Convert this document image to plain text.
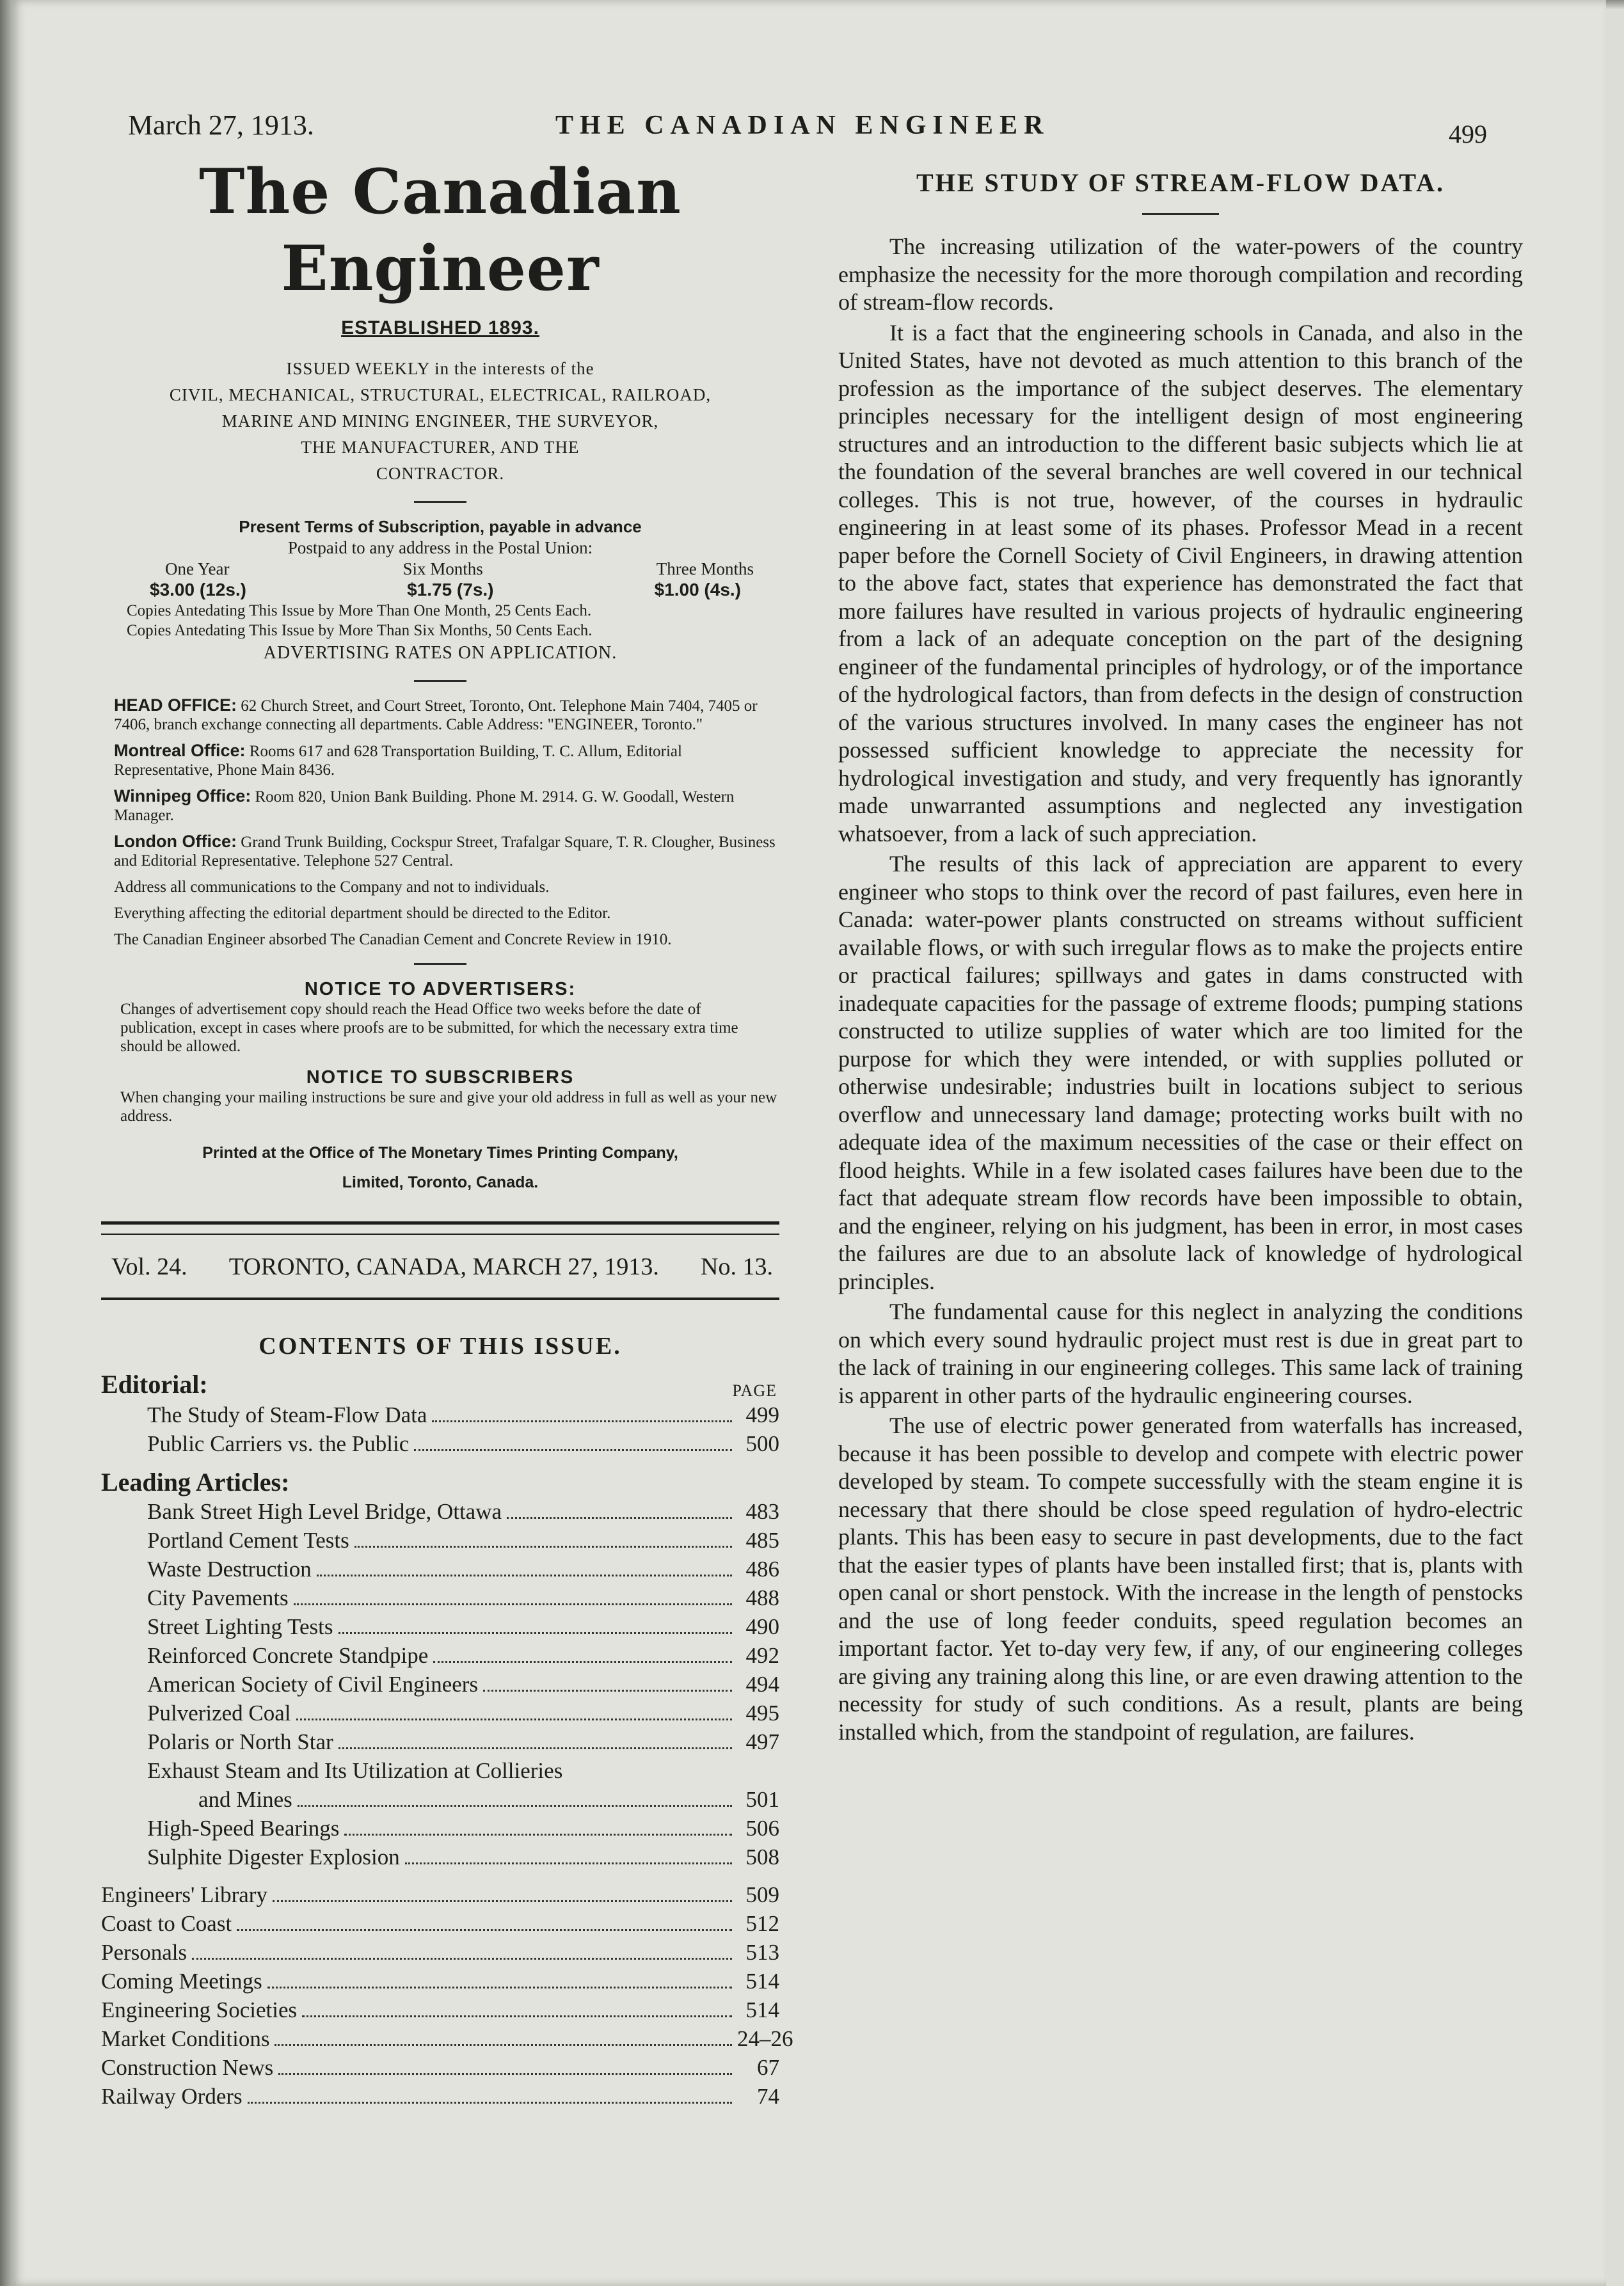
March 27, 1913.	THE CANADIAN ENGINEER	499
The Canadian Engineer
ESTABLISHED 1893.
ISSUED WEEKLY in the interests of the
CIVIL, MECHANICAL, STRUCTURAL, ELECTRICAL, RAILROAD,
MARINE AND MINING ENGINEER, THE SURVEYOR,
THE MANUFACTURER, AND THE
CONTRACTOR.
Present Terms of Subscription, payable in advance
Postpaid to any address in the Postal Union:
One Year	Six Months	Three Months
$3.00 (12s.)	$1.75 (7s.)	$1.00 (4s.)
Copies Antedating This Issue by More Than One Month, 25 Cents Each.
Copies Antedating This Issue by More Than Six Months, 50 Cents Each.
ADVERTISING RATES ON APPLICATION.
HEAD OFFICE: 62 Church Street, and Court Street, Toronto, Ont. Telephone Main 7404, 7405 or 7406, branch exchange connecting all departments. Cable Address: "ENGINEER, Toronto."
Montreal Office: Rooms 617 and 628 Transportation Building, T. C. Allum, Editorial Representative, Phone Main 8436.
Winnipeg Office: Room 820, Union Bank Building. Phone M. 2914. G. W. Goodall, Western Manager.
London Office: Grand Trunk Building, Cockspur Street, Trafalgar Square, T. R. Clougher, Business and Editorial Representative. Telephone 527 Central.
Address all communications to the Company and not to individuals.
Everything affecting the editorial department should be directed to the Editor.
The Canadian Engineer absorbed The Canadian Cement and Concrete Review in 1910.
NOTICE TO ADVERTISERS:
Changes of advertisement copy should reach the Head Office two weeks before the date of publication, except in cases where proofs are to be submitted, for which the necessary extra time should be allowed.
NOTICE TO SUBSCRIBERS
When changing your mailing instructions be sure and give your old address in full as well as your new address.
Printed at the Office of The Monetary Times Printing Company,
Limited, Toronto, Canada.
Vol. 24. TORONTO, CANADA, MARCH 27, 1913. No. 13.
CONTENTS OF THIS ISSUE.
Editorial:	PAGE
The Study of Steam-Flow Data	499
Public Carriers vs. the Public	500
Leading Articles:
Bank Street High Level Bridge, Ottawa	483
Portland Cement Tests	485
Waste Destruction	486
City Pavements	488
Street Lighting Tests	490
Reinforced Concrete Standpipe	492
American Society of Civil Engineers	494
Pulverized Coal	495
Polaris or North Star	497
Exhaust Steam and Its Utilization at Collieries
and Mines	501
High-Speed Bearings	506
Sulphite Digester Explosion	508
Engineers' Library	509
Coast to Coast	512
Personals	513
Coming Meetings	514
Engineering Societies	514
Market Conditions	24–26
Construction News	67
Railway Orders	74
THE STUDY OF STREAM-FLOW DATA.

The increasing utilization of the water-powers of the country emphasize the necessity for the more thorough compilation and recording of stream-flow records.

It is a fact that the engineering schools in Canada, and also in the United States, have not devoted as much attention to this branch of the profession as the importance of the subject deserves. The elementary principles necessary for the intelligent design of most engineering structures and an introduction to the different basic subjects which lie at the foundation of the several branches are well covered in our technical colleges. This is not true, however, of the courses in hydraulic engineering in at least some of its phases. Professor Mead in a recent paper before the Cornell Society of Civil Engineers, in drawing attention to the above fact, states that experience has demonstrated the fact that more failures have resulted in various projects of hydraulic engineering from a lack of an adequate conception on the part of the designing engineer of the fundamental principles of hydrology, or of the importance of the hydrological factors, than from defects in the design of construction of the various structures involved. In many cases the engineer has not possessed sufficient knowledge to appreciate the necessity for hydrological investigation and study, and very frequently has ignorantly made unwarranted assumptions and neglected any investigation whatsoever, from a lack of such appreciation.

The results of this lack of appreciation are apparent to every engineer who stops to think over the record of past failures, even here in Canada: water-power plants constructed on streams without sufficient available flows, or with such irregular flows as to make the projects entire or practical failures; spillways and gates in dams constructed with inadequate capacities for the passage of extreme floods; pumping stations constructed to utilize supplies of water which are too limited for the purpose for which they were intended, or with supplies polluted or otherwise undesirable; industries built in locations subject to serious overflow and unnecessary land damage; protecting works built with no adequate idea of the maximum necessities of the case or their effect on flood heights. While in a few isolated cases failures have been due to the fact that adequate stream flow records have been impossible to obtain, and the engineer, relying on his judgment, has been in error, in most cases the failures are due to an absolute lack of knowledge of hydrological principles.

The fundamental cause for this neglect in analyzing the conditions on which every sound hydraulic project must rest is due in great part to the lack of training in our engineering colleges. This same lack of training is apparent in other parts of the hydraulic engineering courses.

The use of electric power generated from waterfalls has increased, because it has been possible to develop and compete with electric power developed by steam. To compete successfully with the steam engine it is necessary that there should be close speed regulation of hydro-electric plants. This has been easy to secure in past developments, due to the fact that the easier types of plants have been installed first; that is, plants with open canal or short penstock. With the increase in the length of penstocks and the use of long feeder conduits, speed regulation becomes an important factor. Yet to-day very few, if any, of our engineering colleges are giving any training along this line, or are even drawing attention to the necessity for study of such conditions. As a result, plants are being installed which, from the standpoint of regulation, are failures.
